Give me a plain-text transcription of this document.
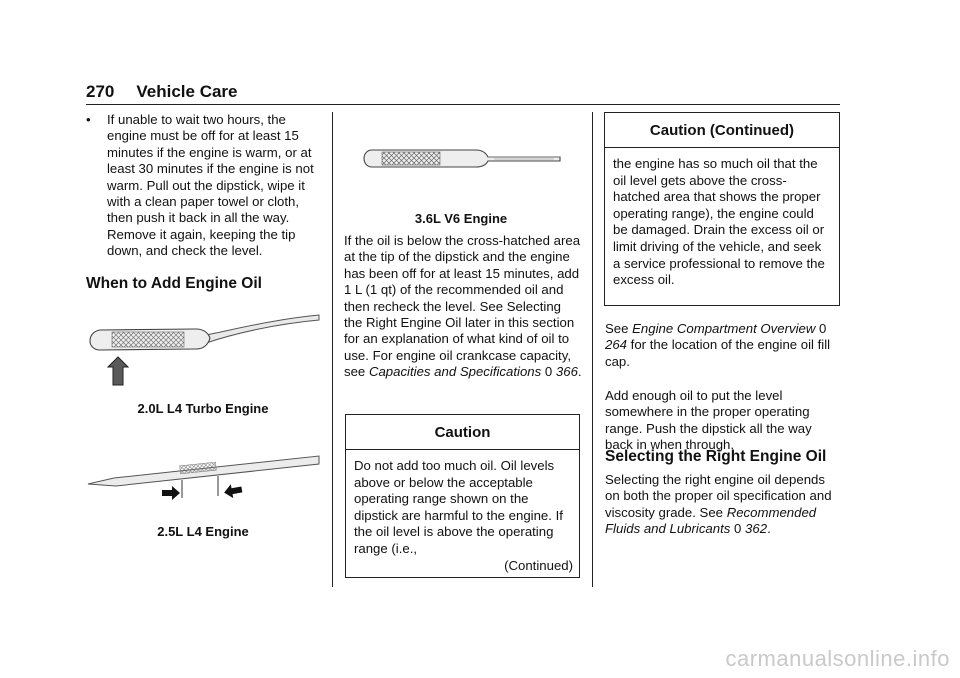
270 Vehicle Care
• If unable to wait two hours, the engine must be off for at least 15 minutes if the engine is warm, or at least 30 minutes if the engine is not warm. Pull out the dipstick, wipe it with a clean paper towel or cloth, then push it back in all the way. Remove it again, keeping the tip down, and check the level.

When to Add Engine Oil
2.0L L4 Turbo Engine
2.5L L4 Engine
3.6L V6 Engine

If the oil is below the cross-hatched area at the tip of the dipstick and the engine has been off for at least 15 minutes, add 1 L (1 qt) of the recommended oil and then recheck the level. See Selecting the Right Engine Oil later in this section for an explanation of what kind of oil to use. For engine oil crankcase capacity, see Capacities and Specifications 0 366.

Caution
Do not add too much oil. Oil levels above or below the acceptable operating range shown on the dipstick are harmful to the engine. If the oil level is above the operating range (i.e.,
(Continued)
Caution (Continued)
the engine has so much oil that the oil level gets above the cross-hatched area that shows the proper operating range), the engine could be damaged. Drain the excess oil or limit driving of the vehicle, and seek a service professional to remove the excess oil.

See Engine Compartment Overview 0 264 for the location of the engine oil fill cap.

Add enough oil to put the level somewhere in the proper operating range. Push the dipstick all the way back in when through.

Selecting the Right Engine Oil

Selecting the right engine oil depends on both the proper oil specification and viscosity grade. See Recommended Fluids and Lubricants 0 362.

carmanualsonline.info
